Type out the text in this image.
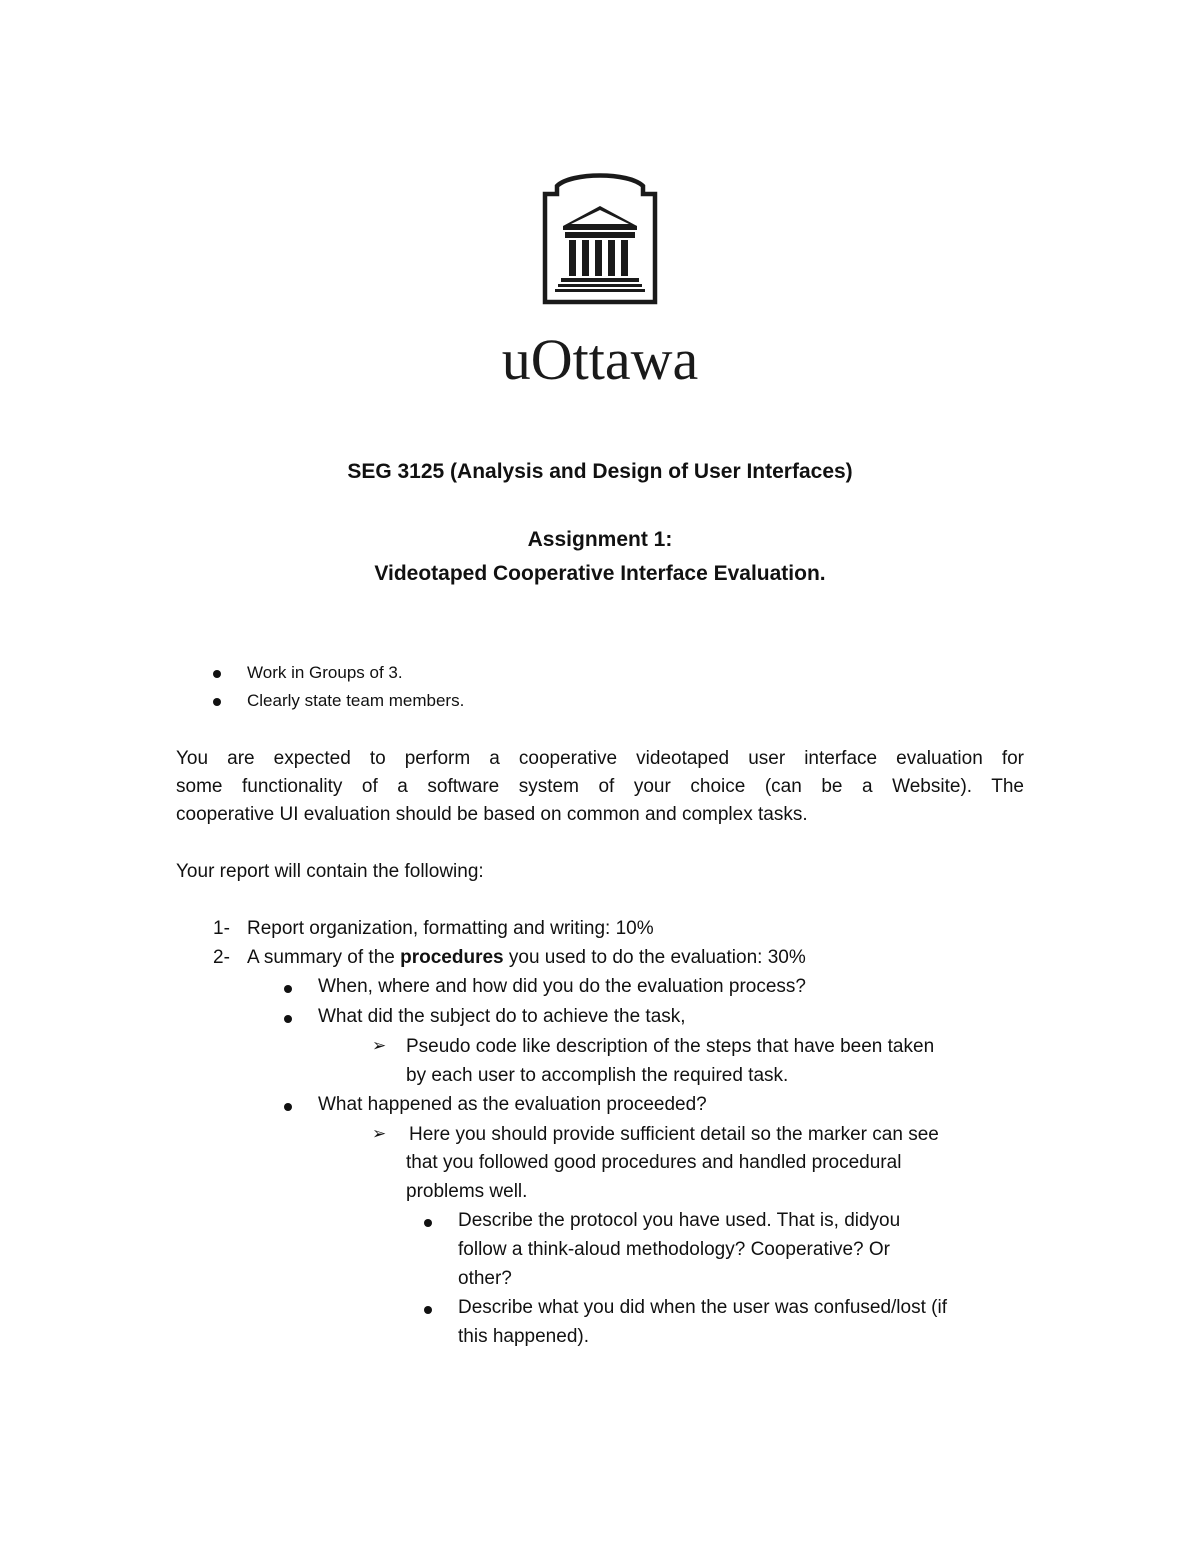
uOttawa
SEG 3125 (Analysis and Design of User Interfaces)
Assignment 1:
Videotaped Cooperative Interface Evaluation.
Work in Groups of 3.
Clearly state team members.
You are expected to perform a cooperative videotaped user interface evaluation for
some functionality of a software system of your choice (can be a Website). The
cooperative UI evaluation should be based on common and complex tasks.
Your report will contain the following:
1- Report organization, formatting and writing: 10%
2- A summary of the procedures you used to do the evaluation: 30%
When, where and how did you do the evaluation process?
What did the subject do to achieve the task,
➢ Pseudo code like description of the steps that have been taken
by each user to accomplish the required task.
What happened as the evaluation proceeded?
➢ Here you should provide sufficient detail so the marker can see
that you followed good procedures and handled procedural
problems well.
Describe the protocol you have used. That is, didyou
follow a think-aloud methodology? Cooperative? Or
other?
Describe what you did when the user was confused/lost (if
this happened).
